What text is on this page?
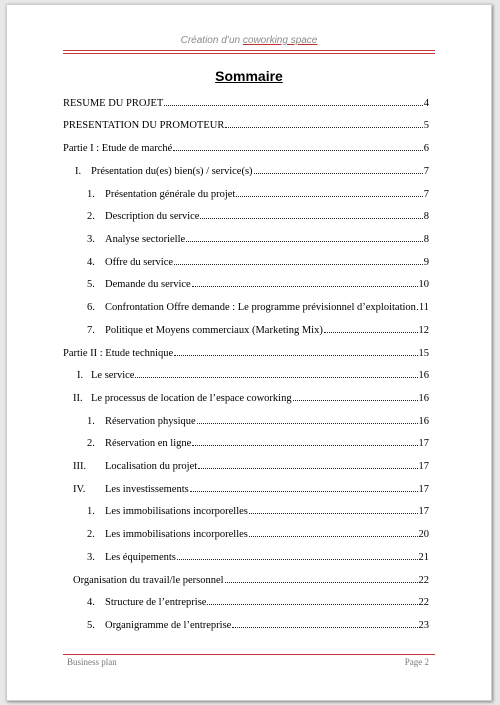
Création d’un coworking space
Sommaire
RESUME DU PROJET	4
PRESENTATION DU PROMOTEUR	5
Partie I : Etude de marché	6
I. Présentation du(es) bien(s) / service(s)	7
1. Présentation générale du projet	7
2. Description du service	8
3. Analyse sectorielle	8
4. Offre du service	9
5. Demande du service	10
6. Confrontation Offre demande : Le programme prévisionnel d’exploitation 11
7. Politique et Moyens commerciaux (Marketing Mix)	12
Partie II : Etude technique	15
I. Le service	16
II. Le processus de location de l’espace coworking	16
1. Réservation physique	16
2. Réservation en ligne	17
III.	Localisation du projet	17
IV.	Les investissements	17
1. Les immobilisations incorporelles	17
2. Les immobilisations incorporelles	20
3. Les équipements	21
Organisation du travail/le personnel	22
4. Structure de l’entreprise	22
5. Organigramme de l’entreprise	23
Business plan	Page 2
